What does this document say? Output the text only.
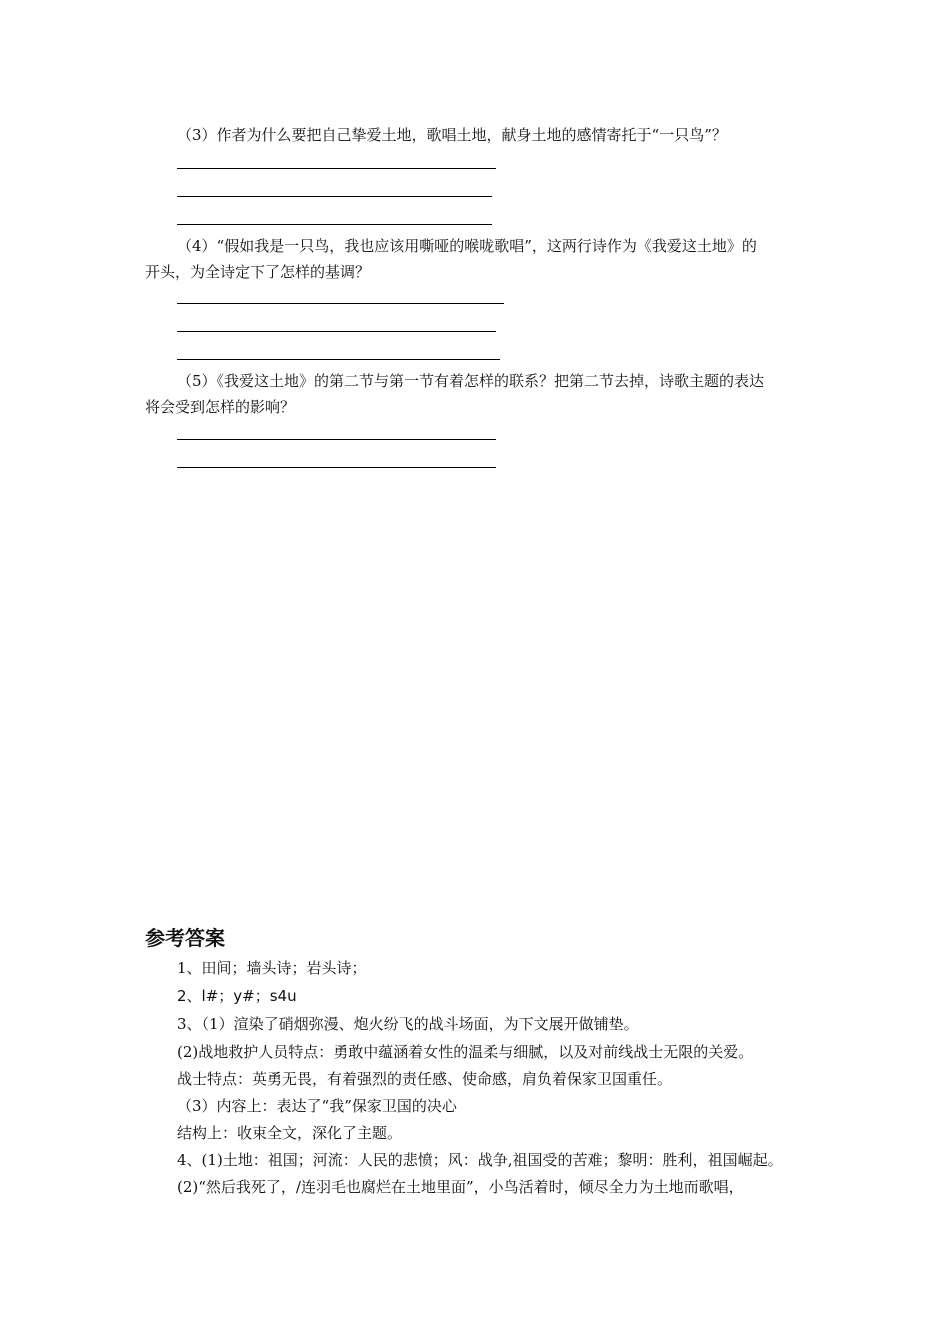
（3）作者为什么要把自己挚爱土地，歌唱土地，献身土地的感情寄托于“一只鸟”？
（4）“假如我是一只鸟，我也应该用嘶哑的喉咙歌唱”，这两行诗作为《我爱这土地》的
开头，为全诗定下了怎样的基调？
（5）《我爱这土地》的第二节与第一节有着怎样的联系？把第二节去掉，诗歌主题的表达
将会受到怎样的影响？
参考答案
1、田间；墙头诗；岩头诗；
2、l#；y#；s4u
3、（1）渲染了硝烟弥漫、炮火纷飞的战斗场面，为下文展开做铺垫。
(2)战地救护人员特点：勇敢中蕴涵着女性的温柔与细腻，以及对前线战士无限的关爱。
战士特点：英勇无畏，有着强烈的责任感、使命感，肩负着保家卫国重任。
（3）内容上：表达了“我”保家卫国的决心
结构上：收束全文，深化了主题。
4、(1)土地：祖国；河流：人民的悲愤；风：战争,祖国受的苦难；黎明：胜利，祖国崛起。
(2)“然后我死了，/连羽毛也腐烂在土地里面”，小鸟活着时，倾尽全力为土地而歌唱，
